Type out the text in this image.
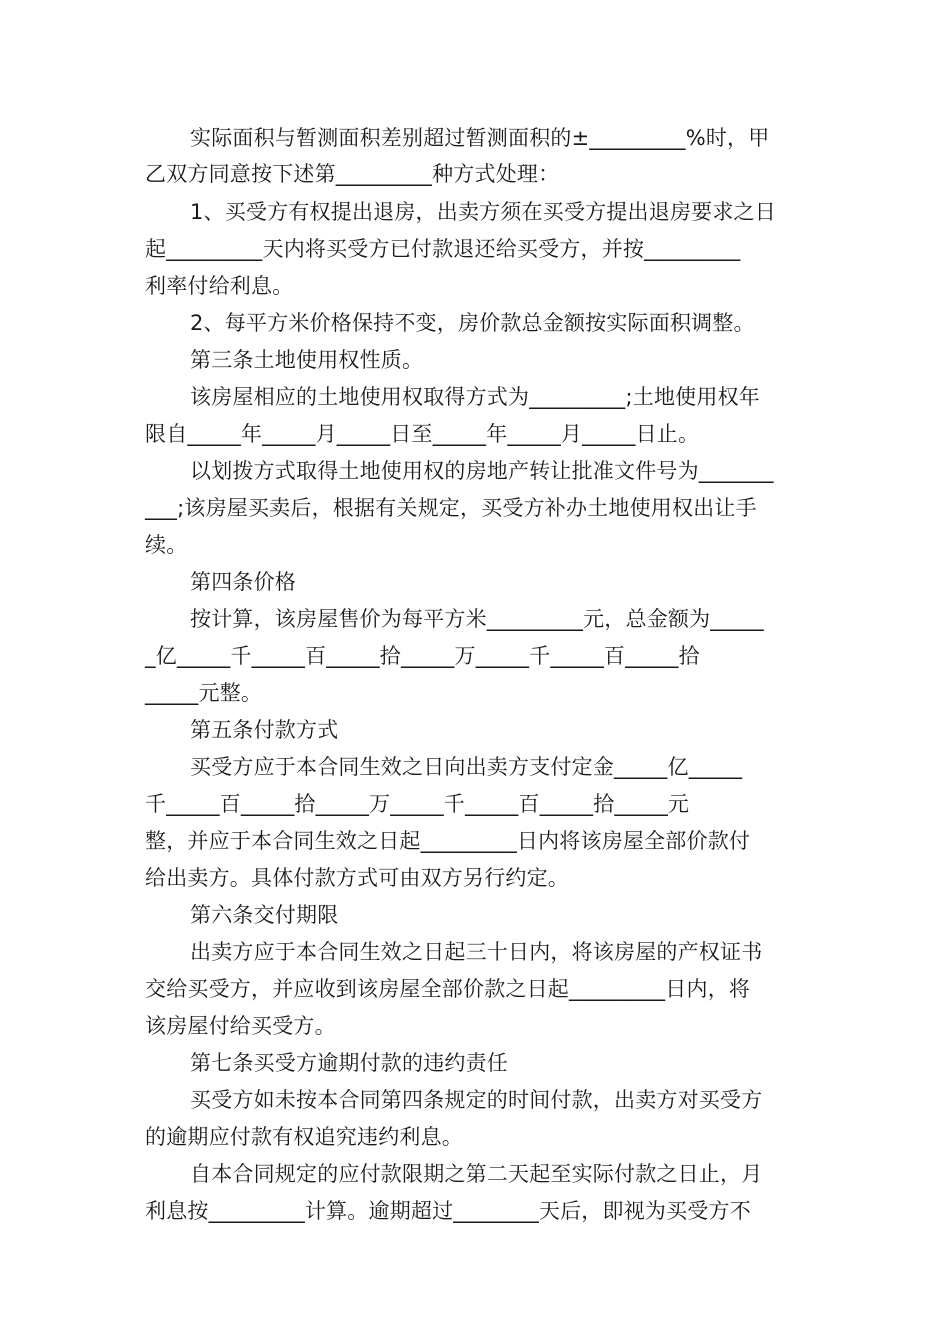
实际面积与暂测面积差别超过暂测面积的±_________%时，甲
乙双方同意按下述第_________种方式处理：
1、买受方有权提出退房，出卖方须在买受方提出退房要求之日
起_________天内将买受方已付款退还给买受方，并按_________
利率付给利息。
2、每平方米价格保持不变，房价款总金额按实际面积调整。
第三条土地使用权性质。
该房屋相应的土地使用权取得方式为_________;土地使用权年
限自_____年_____月_____日至_____年_____月_____日止。
以划拨方式取得土地使用权的房地产转让批准文件号为_______
___;该房屋买卖后，根据有关规定，买受方补办土地使用权出让手
续。
第四条价格
按计算，该房屋售价为每平方米_________元，总金额为_____
_亿_____千_____百_____拾_____万_____千_____百_____拾
_____元整。
第五条付款方式
买受方应于本合同生效之日向出卖方支付定金_____亿_____
千_____百_____拾_____万_____千_____百_____拾_____元
整，并应于本合同生效之日起_________日内将该房屋全部价款付
给出卖方。具体付款方式可由双方另行约定。
第六条交付期限
出卖方应于本合同生效之日起三十日内，将该房屋的产权证书
交给买受方，并应收到该房屋全部价款之日起_________日内，将
该房屋付给买受方。
第七条买受方逾期付款的违约责任
买受方如未按本合同第四条规定的时间付款，出卖方对买受方
的逾期应付款有权追究违约利息。
自本合同规定的应付款限期之第二天起至实际付款之日止，月
利息按_________计算。逾期超过________天后，即视为买受方不
